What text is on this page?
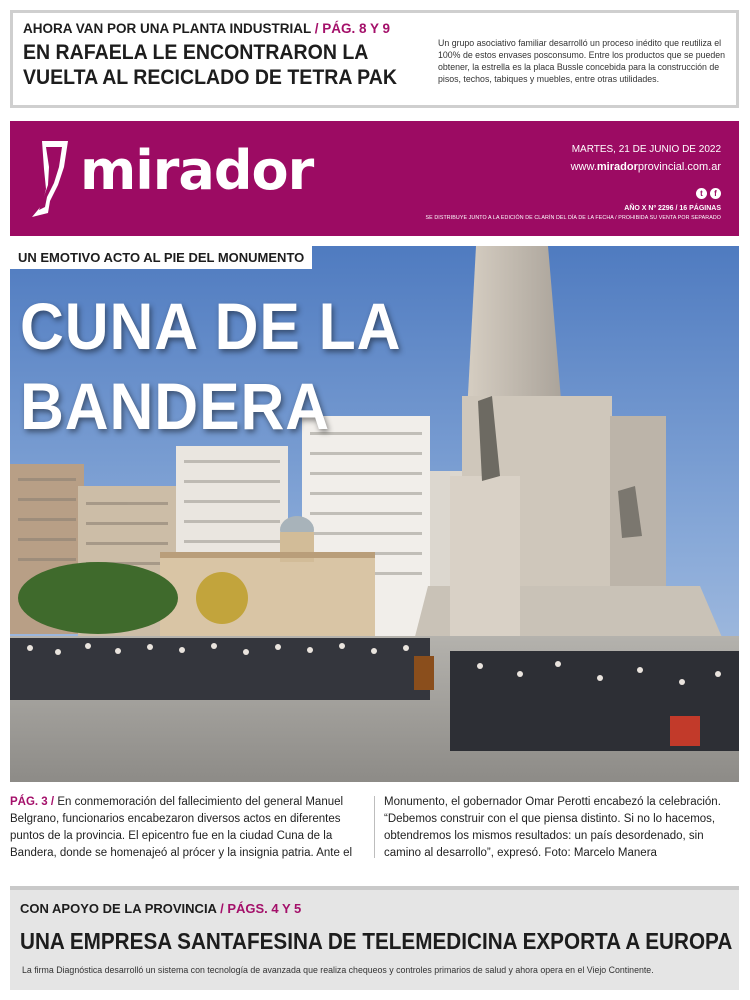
AHORA VAN POR UNA PLANTA INDUSTRIAL / PÁG. 8 Y 9
EN RAFAELA LE ENCONTRARON LA
VUELTA AL RECICLADO DE TETRA PAK

Un grupo asociativo familiar desarrolló un proceso inédito que reutiliza el 100% de estos envases posconsumo. Entre los productos que se pueden obtener, la estrella es la placa Bussle concebida para la construcción de pisos, techos, tabiques y muebles, entre otras utilidades.

mirador	MARTES, 21 DE JUNIO DE 2022
www.miradorprovincial.com.ar
t	f
AÑO X Nº 2296 / 16 PÁGINAS
SE DISTRIBUYE JUNTO A LA EDICIÓN DE CLARÍN DEL DÍA DE LA FECHA / PROHIBIDA SU VENTA POR SEPARADO
UN EMOTIVO ACTO AL PIE DEL MONUMENTO
CUNA DE LA
BANDERA

PÁG. 3 / En conmemoración del fallecimiento del general Manuel Belgrano, funcionarios encabezaron diversos actos en diferentes puntos de la provincia. El epicentro fue en la ciudad Cuna de la Bandera, donde se homenajeó al prócer y la insignia patria. Ante el

Monumento, el gobernador Omar Perotti encabezó la celebración. “Debemos construir con el que piensa distinto. Si no lo hacemos, obtendremos los mismos resultados: un país desordenado, sin camino al desarrollo”, expresó. Foto: Marcelo Manera

CON APOYO DE LA PROVINCIA / PÁGS. 4 Y 5
UNA EMPRESA SANTAFESINA DE TELEMEDICINA EXPORTA A EUROPA

La firma Diagnóstica desarrolló un sistema con tecnología de avanzada que realiza chequeos y controles primarios de salud y ahora opera en el Viejo Continente.
